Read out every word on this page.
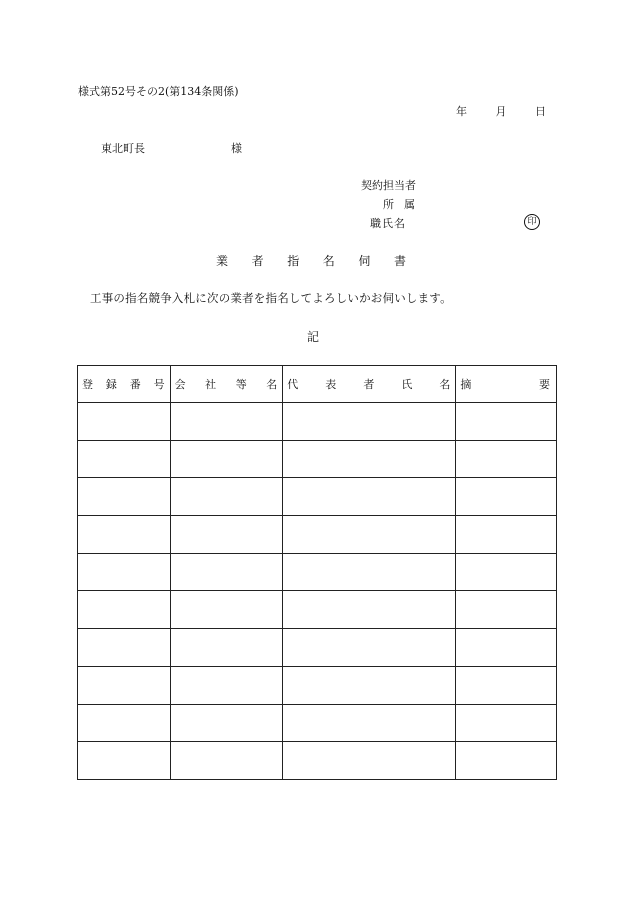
様式第52号その2(第134条関係)
年	月	日
東北町長	様
契約担当者
所属
職氏名	印
業 者 指 名 伺 書
工事の指名競争入札に次の業者を指名してよろしいかお伺いします。
記
登 録 番 号	会 社 等 名	代 表 者 氏 名	摘 要
